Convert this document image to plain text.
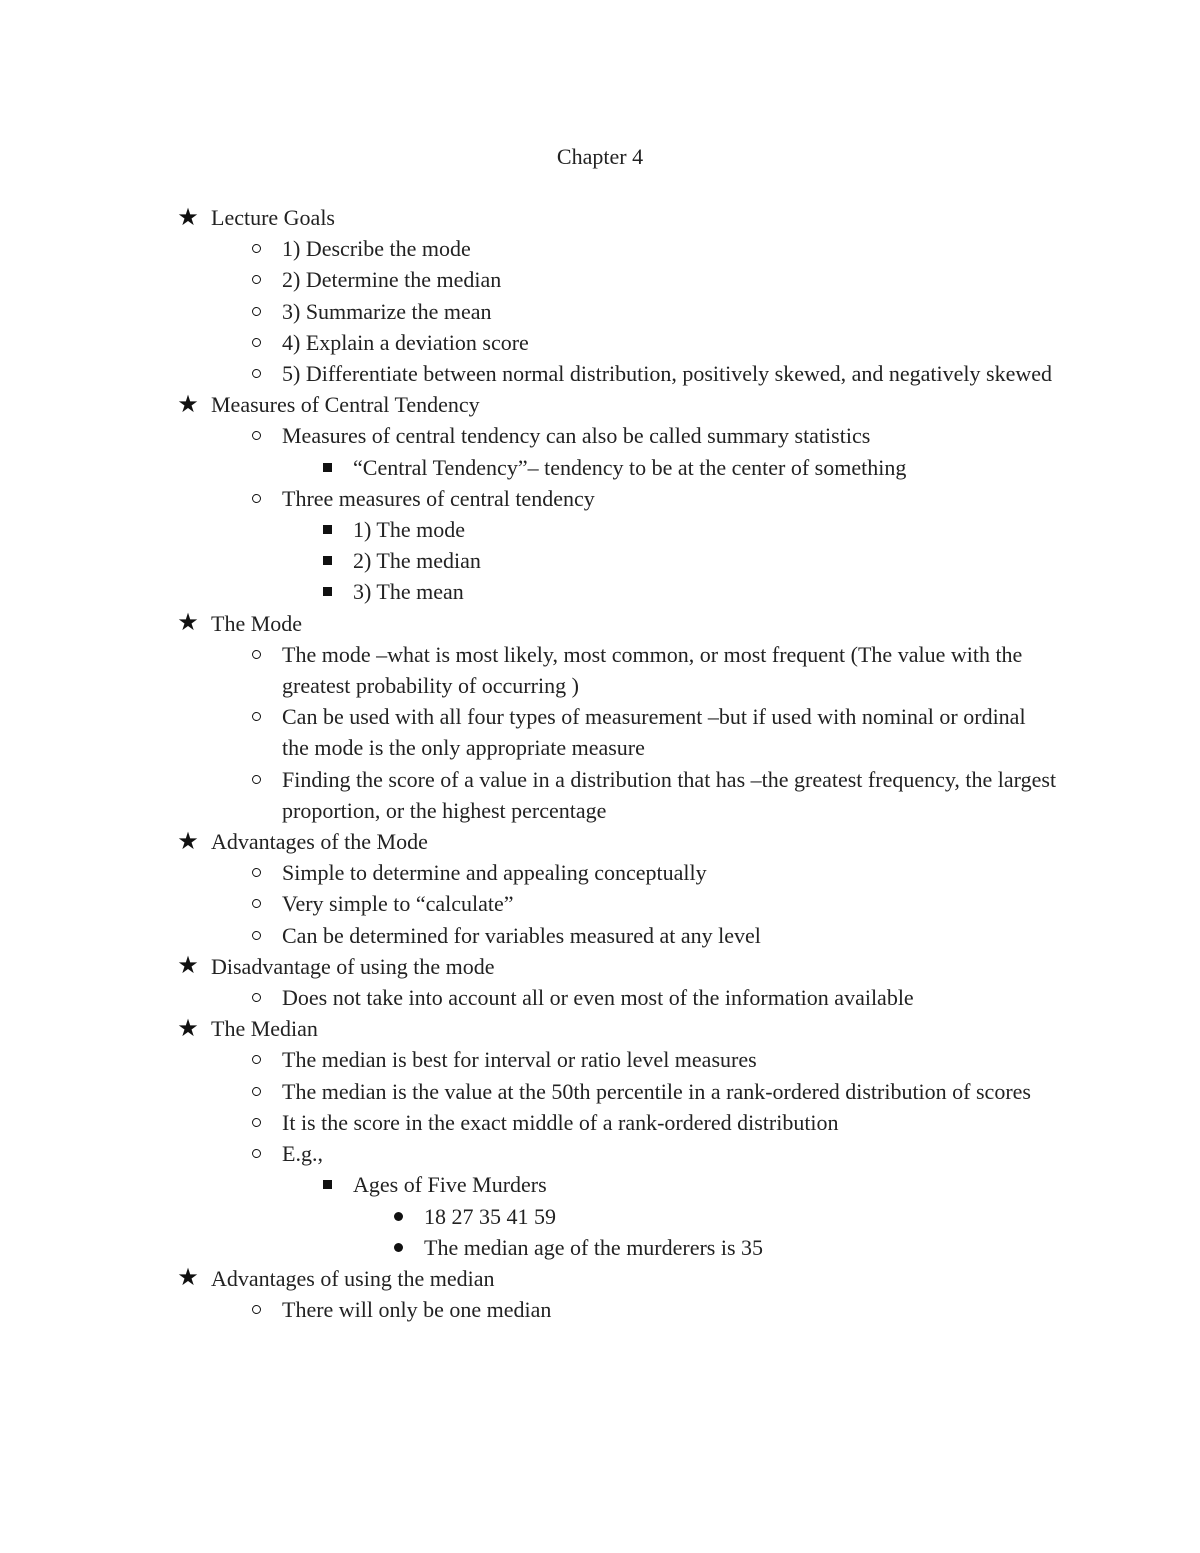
Chapter 4
★ Lecture Goals
1) Describe the mode
2) Determine the median
3) Summarize the mean
4) Explain a deviation score
5) Differentiate between normal distribution, positively skewed, and negatively skewed
★ Measures of Central Tendency
Measures of central tendency can also be called summary statistics
“Central Tendency”– tendency to be at the center of something
Three measures of central tendency
1) The mode
2) The median
3) The mean
★ The Mode
The mode –what is most likely, most common, or most frequent (The value with the greatest probability of occurring )
Can be used with all four types of measurement –but if used with nominal or ordinal the mode is the only appropriate measure
Finding the score of a value in a distribution that has –the greatest frequency, the largest proportion, or the highest percentage
★ Advantages of the Mode
Simple to determine and appealing conceptually
Very simple to “calculate”
Can be determined for variables measured at any level
★ Disadvantage of using the mode
Does not take into account all or even most of the information available
★ The Median
The median is best for interval or ratio level measures
The median is the value at the 50th percentile in a rank-ordered distribution of scores
It is the score in the exact middle of a rank-ordered distribution
E.g.,
Ages of Five Murders
18 27 35 41 59
The median age of the murderers is 35
★ Advantages of using the median
There will only be one median
